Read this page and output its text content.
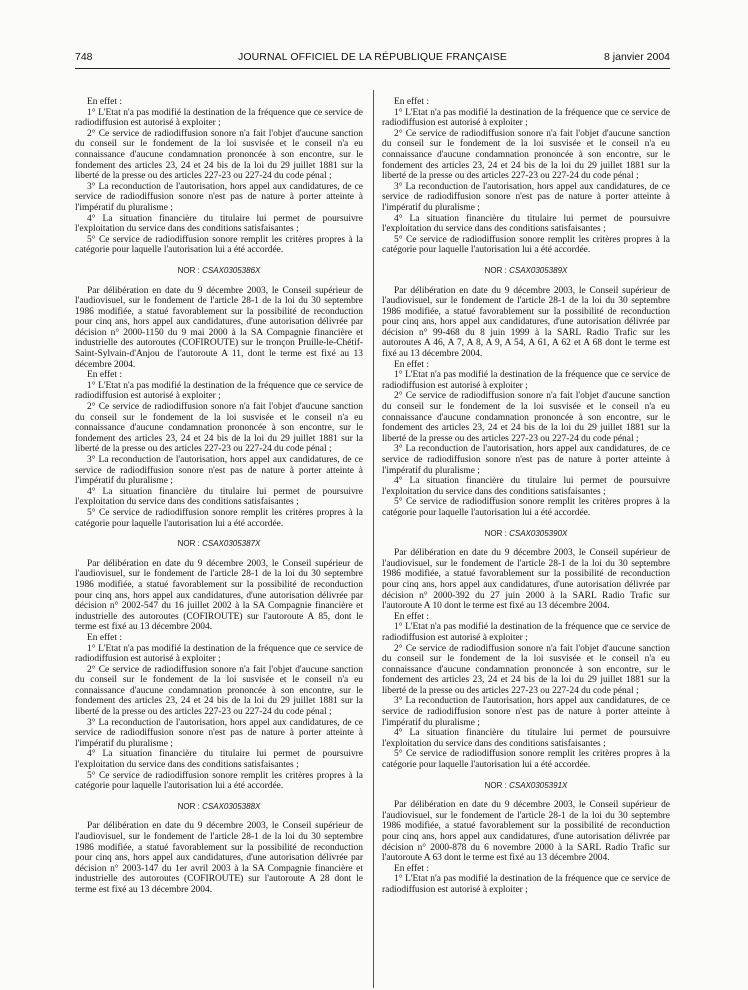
748	JOURNAL OFFICIEL DE LA RÉPUBLIQUE FRANÇAISE	8 janvier 2004

En effet :

1° L'Etat n'a pas modifié la destination de la fréquence que ce service de radiodiffusion est autorisé à exploiter ;

2° Ce service de radiodiffusion sonore n'a fait l'objet d'aucune sanction du conseil sur le fondement de la loi susvisée et le conseil n'a eu connaissance d'aucune condamnation prononcée à son encontre, sur le fondement des articles 23, 24 et 24 bis de la loi du 29 juillet 1881 sur la liberté de la presse ou des articles 227-23 ou 227-24 du code pénal ;

3° La reconduction de l'autorisation, hors appel aux candidatures, de ce service de radiodiffusion sonore n'est pas de nature à porter atteinte à l'impératif du pluralisme ;

4° La situation financière du titulaire lui permet de poursuivre l'exploitation du service dans des conditions satisfaisantes ;

5° Ce service de radiodiffusion sonore remplit les critères propres à la catégorie pour laquelle l'autorisation lui a été accordée.

NOR : CSAX0305386X

Par délibération en date du 9 décembre 2003, le Conseil supérieur de l'audiovisuel, sur le fondement de l'article 28-1 de la loi du 30 septembre 1986 modifiée, a statué favorablement sur la possibilité de reconduction pour cinq ans, hors appel aux candidatures, d'une autorisation délivrée par décision n° 2000-1150 du 9 mai 2000 à la SA Compagnie financière et industrielle des autoroutes (COFIROUTE) sur le tronçon Pruille-le-Chétif-Saint-Sylvain-d'Anjou de l'autoroute A 11, dont le terme est fixé au 13 décembre 2004.

En effet :

1° L'Etat n'a pas modifié la destination de la fréquence que ce service de radiodiffusion est autorisé à exploiter ;

2° Ce service de radiodiffusion sonore n'a fait l'objet d'aucune sanction du conseil sur le fondement de la loi susvisée et le conseil n'a eu connaissance d'aucune condamnation prononcée à son encontre, sur le fondement des articles 23, 24 et 24 bis de la loi du 29 juillet 1881 sur la liberté de la presse ou des articles 227-23 ou 227-24 du code pénal ;

3° La reconduction de l'autorisation, hors appel aux candidatures, de ce service de radiodiffusion sonore n'est pas de nature à porter atteinte à l'impératif du pluralisme ;

4° La situation financière du titulaire lui permet de poursuivre l'exploitation du service dans des conditions satisfaisantes ;

5° Ce service de radiodiffusion sonore remplit les critères propres à la catégorie pour laquelle l'autorisation lui a été accordée.

NOR : CSAX0305387X

Par délibération en date du 9 décembre 2003, le Conseil supérieur de l'audiovisuel, sur le fondement de l'article 28-1 de la loi du 30 septembre 1986 modifiée, a statué favorablement sur la possibilité de reconduction pour cinq ans, hors appel aux candidatures, d'une autorisation délivrée par décision n° 2002-547 du 16 juillet 2002 à la SA Compagnie financière et industrielle des autoroutes (COFIROUTE) sur l'autoroute A 85, dont le terme est fixé au 13 décembre 2004.

En effet :

1° L'Etat n'a pas modifié la destination de la fréquence que ce service de radiodiffusion est autorisé à exploiter ;

2° Ce service de radiodiffusion sonore n'a fait l'objet d'aucune sanction du conseil sur le fondement de la loi susvisée et le conseil n'a eu connaissance d'aucune condamnation prononcée à son encontre, sur le fondement des articles 23, 24 et 24 bis de la loi du 29 juillet 1881 sur la liberté de la presse ou des articles 227-23 ou 227-24 du code pénal ;

3° La reconduction de l'autorisation, hors appel aux candidatures, de ce service de radiodiffusion sonore n'est pas de nature à porter atteinte à l'impératif du pluralisme ;

4° La situation financière du titulaire lui permet de poursuivre l'exploitation du service dans des conditions satisfaisantes ;

5° Ce service de radiodiffusion sonore remplit les critères propres à la catégorie pour laquelle l'autorisation lui a été accordée.

NOR : CSAX0305388X

Par délibération en date du 9 décembre 2003, le Conseil supérieur de l'audiovisuel, sur le fondement de l'article 28-1 de la loi du 30 septembre 1986 modifiée, a statué favorablement sur la possibilité de reconduction pour cinq ans, hors appel aux candidatures, d'une autorisation délivrée par décision n° 2003-147 du 1er avril 2003 à la SA Compagnie financière et industrielle des autoroutes (COFIROUTE) sur l'autoroute A 28 dont le terme est fixé au 13 décembre 2004.

En effet :

1° L'Etat n'a pas modifié la destination de la fréquence que ce service de radiodiffusion est autorisé à exploiter ;

2° Ce service de radiodiffusion sonore n'a fait l'objet d'aucune sanction du conseil sur le fondement de la loi susvisée et le conseil n'a eu connaissance d'aucune condamnation prononcée à son encontre, sur le fondement des articles 23, 24 et 24 bis de la loi du 29 juillet 1881 sur la liberté de la presse ou des articles 227-23 ou 227-24 du code pénal ;

3° La reconduction de l'autorisation, hors appel aux candidatures, de ce service de radiodiffusion sonore n'est pas de nature à porter atteinte à l'impératif du pluralisme ;

4° La situation financière du titulaire lui permet de poursuivre l'exploitation du service dans des conditions satisfaisantes ;

5° Ce service de radiodiffusion sonore remplit les critères propres à la catégorie pour laquelle l'autorisation lui a été accordée.

NOR : CSAX0305389X

Par délibération en date du 9 décembre 2003, le Conseil supérieur de l'audiovisuel, sur le fondement de l'article 28-1 de la loi du 30 septembre 1986 modifiée, a statué favorablement sur la possibilité de reconduction pour cinq ans, hors appel aux candidatures, d'une autorisation délivrée par décision n° 99-468 du 8 juin 1999 à la SARL Radio Trafic sur les autoroutes A 46, A 7, A 8, A 9, A 54, A 61, A 62 et A 68 dont le terme est fixé au 13 décembre 2004.

En effet :

1° L'Etat n'a pas modifié la destination de la fréquence que ce service de radiodiffusion est autorisé à exploiter ;

2° Ce service de radiodiffusion sonore n'a fait l'objet d'aucune sanction du conseil sur le fondement de la loi susvisée et le conseil n'a eu connaissance d'aucune condamnation prononcée à son encontre, sur le fondement des articles 23, 24 et 24 bis de la loi du 29 juillet 1881 sur la liberté de la presse ou des articles 227-23 ou 227-24 du code pénal ;

3° La reconduction de l'autorisation, hors appel aux candidatures, de ce service de radiodiffusion sonore n'est pas de nature à porter atteinte à l'impératif du pluralisme ;

4° La situation financière du titulaire lui permet de poursuivre l'exploitation du service dans des conditions satisfaisantes ;

5° Ce service de radiodiffusion sonore remplit les critères propres à la catégorie pour laquelle l'autorisation lui a été accordée.

NOR : CSAX0305390X

Par délibération en date du 9 décembre 2003, le Conseil supérieur de l'audiovisuel, sur le fondement de l'article 28-1 de la loi du 30 septembre 1986 modifiée, a statué favorablement sur la possibilité de reconduction pour cinq ans, hors appel aux candidatures, d'une autorisation délivrée par décision n° 2000-392 du 27 juin 2000 à la SARL Radio Trafic sur l'autoroute A 10 dont le terme est fixé au 13 décembre 2004.

En effet :

1° L'Etat n'a pas modifié la destination de la fréquence que ce service de radiodiffusion est autorisé à exploiter ;

2° Ce service de radiodiffusion sonore n'a fait l'objet d'aucune sanction du conseil sur le fondement de la loi susvisée et le conseil n'a eu connaissance d'aucune condamnation prononcée à son encontre, sur le fondement des articles 23, 24 et 24 bis de la loi du 29 juillet 1881 sur la liberté de la presse ou des articles 227-23 ou 227-24 du code pénal ;

3° La reconduction de l'autorisation, hors appel aux candidatures, de ce service de radiodiffusion sonore n'est pas de nature à porter atteinte à l'impératif du pluralisme ;

4° La situation financière du titulaire lui permet de poursuivre l'exploitation du service dans des conditions satisfaisantes ;

5° Ce service de radiodiffusion sonore remplit les critères propres à la catégorie pour laquelle l'autorisation lui a été accordée.

NOR : CSAX0305391X

Par délibération en date du 9 décembre 2003, le Conseil supérieur de l'audiovisuel, sur le fondement de l'article 28-1 de la loi du 30 septembre 1986 modifiée, a statué favorablement sur la possibilité de reconduction pour cinq ans, hors appel aux candidatures, d'une autorisation délivrée par décision n° 2000-878 du 6 novembre 2000 à la SARL Radio Trafic sur l'autoroute A 63 dont le terme est fixé au 13 décembre 2004.

En effet :

1° L'Etat n'a pas modifié la destination de la fréquence que ce service de radiodiffusion est autorisé à exploiter ;
